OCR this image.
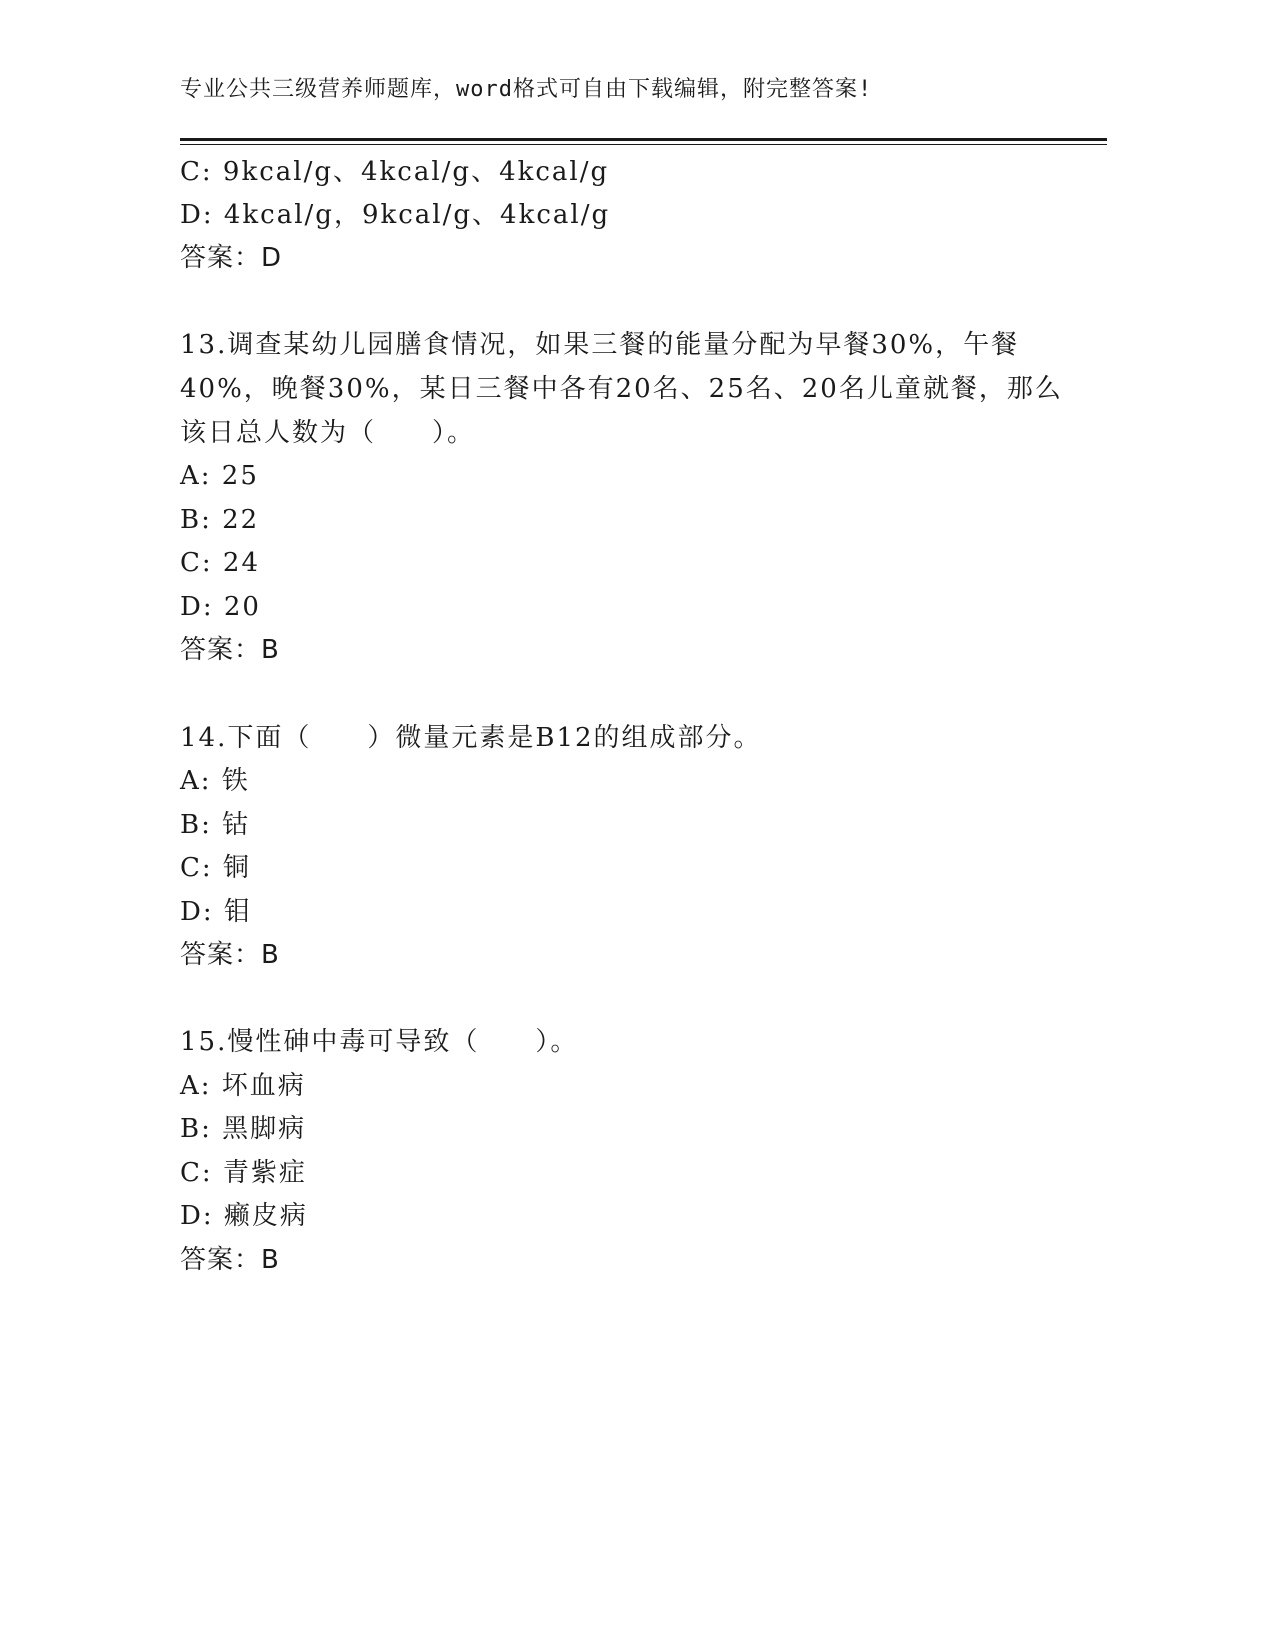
专业公共三级营养师题库，word格式可自由下载编辑，附完整答案!
C: 9kcal/g、4kcal/g、4kcal/g
D: 4kcal/g，9kcal/g、4kcal/g
答案：D
13.调查某幼儿园膳食情况，如果三餐的能量分配为早餐30%，午餐
40%，晚餐30%，某日三餐中各有20名、25名、20名儿童就餐，那么
该日总人数为（　　）。
A: 25
B: 22
C: 24
D: 20
答案：B
14.下面（　　）微量元素是B12的组成部分。
A: 铁
B: 钴
C: 铜
D: 钼
答案：B
15.慢性砷中毒可导致（　　）。
A: 坏血病
B: 黑脚病
C: 青紫症
D: 癞皮病
答案：B
